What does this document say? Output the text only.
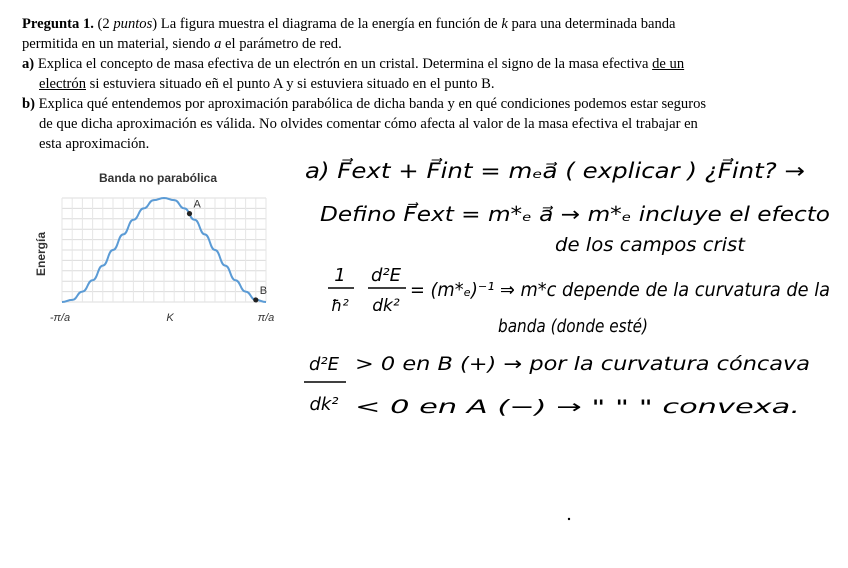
Pregunta 1. (2 puntos) La figura muestra el diagrama de la energía en función de k para una determinada banda permitida en un material, siendo a el parámetro de red.

a) Explica el concepto de masa efectiva de un electrón en un cristal. Determina el signo de la masa efectiva de un electrón si estuviera situado eñ el punto A y si estuviera situado en el punto B.

b) Explica qué entendemos por aproximación parabólica de dicha banda y en qué condiciones podemos estar seguros de que dicha aproximación es válida. No olvides comentar cómo afecta al valor de la masa efectiva el trabajar en esta aproximación.

Banda no parabólica
Energía
A
B
-π/a	K	π/a
a) F⃗ext + F⃗int = mₑa⃗ ( explicar ) ¿F⃗int? →
Defino F⃗ext = m*ₑ a⃗ → m*ₑ incluye el efecto
de los campos crist
1
ħ²
d²E
dk²
= (m*ₑ)⁻¹ ⇒ m*c depende de la curvatura de la
banda (donde esté)
d²E
dk²
> 0 en B (+) → por la curvatura cóncava
< 0 en A (−) → " " " convexa.
